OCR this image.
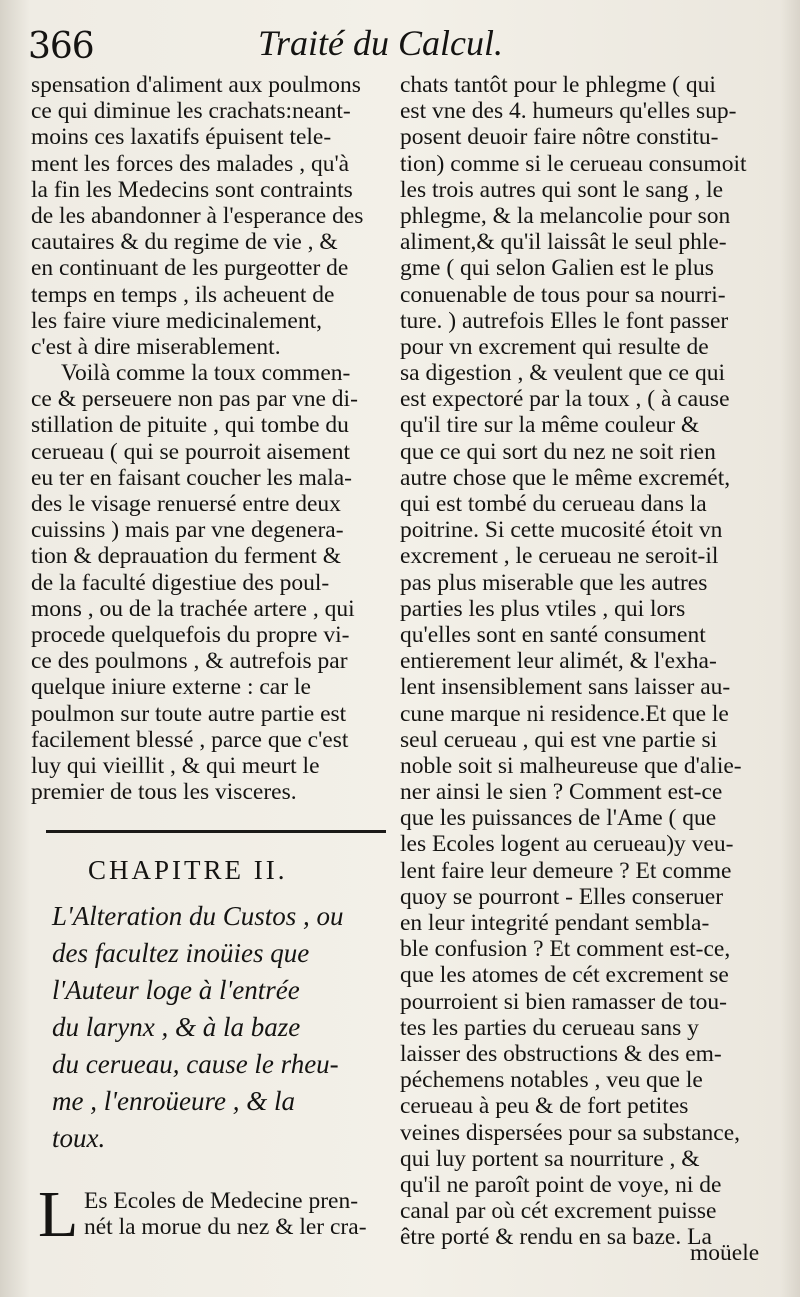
366	Traité du Calcul.
spensation d'aliment aux poulmons
ce qui diminue les crachats:neant-
moins ces laxatifs épuisent tele-
ment les forces des malades , qu'à
la fin les Medecins sont contraints
de les abandonner à l'esperance des
cautaires & du regime de vie , &
en continuant de les purgeotter de
temps en temps , ils acheuent de
les faire viure medicinalement,
c'est à dire miserablement.
Voilà comme la toux commen-
ce & perseuere non pas par vne di-
stillation de pituite , qui tombe du
cerueau ( qui se pourroit aisement
eu ter en faisant coucher les mala-
des le visage renuersé entre deux
cuissins ) mais par vne degenera-
tion & deprauation du ferment &
de la faculté digestiue des poul-
mons , ou de la trachée artere , qui
procede quelquefois du propre vi-
ce des poulmons , & autrefois par
quelque iniure externe : car le
poulmon sur toute autre partie est
facilement blessé , parce que c'est
luy qui vieillit , & qui meurt le
premier de tous les visceres.
CHAPITRE II.
L'Alteration du Custos , ou
des facultez inoüies que
l'Auteur loge à l'entrée
du larynx , & à la baze
du cerueau, cause le rheu-
me , l'enroüeure , & la
toux.
L Es Ecoles de Medecine pren-
nét la morue du nez & ler cra-
chats tantôt pour le phlegme ( qui
est vne des 4. humeurs qu'elles sup-
posent deuoir faire nôtre constitu-
tion) comme si le cerueau consumoit
les trois autres qui sont le sang , le
phlegme, & la melancolie pour son
aliment,& qu'il laissât le seul phle-
gme ( qui selon Galien est le plus
conuenable de tous pour sa nourri-
ture. ) autrefois Elles le font passer
pour vn excrement qui resulte de
sa digestion , & veulent que ce qui
est expectoré par la toux , ( à cause
qu'il tire sur la même couleur &
que ce qui sort du nez ne soit rien
autre chose que le même excremét,
qui est tombé du cerueau dans la
poitrine. Si cette mucosité étoit vn
excrement , le cerueau ne seroit-il
pas plus miserable que les autres
parties les plus vtiles , qui lors
qu'elles sont en santé consument
entierement leur alimét, & l'exha-
lent insensiblement sans laisser au-
cune marque ni residence.Et que le
seul cerueau , qui est vne partie si
noble soit si malheureuse que d'alie-
ner ainsi le sien ? Comment est-ce
que les puissances de l'Ame ( que
les Ecoles logent au cerueau)y veu-
lent faire leur demeure ? Et comme
quoy se pourront - Elles conseruer
en leur integrité pendant sembla-
ble confusion ? Et comment est-ce,
que les atomes de cét excrement se
pourroient si bien ramasser de tou-
tes les parties du cerueau sans y
laisser des obstructions & des em-
péchemens notables , veu que le
cerueau à peu & de fort petites
veines dispersées pour sa substance,
qui luy portent sa nourriture , &
qu'il ne paroît point de voye, ni de
canal par où cét excrement puisse
être porté & rendu en sa baze. La
moüele
